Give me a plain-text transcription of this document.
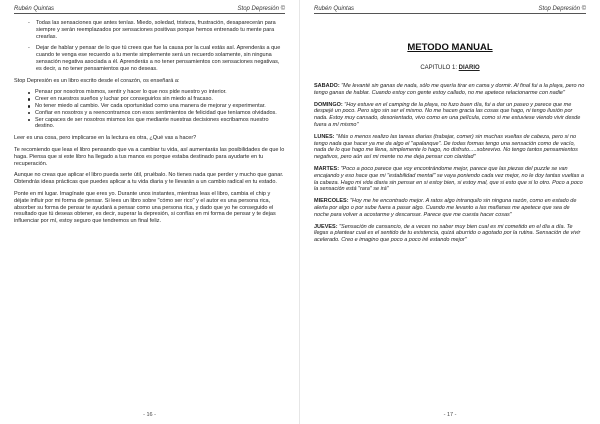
Rubén Quintas	Stop Depresión ©
- Todas las sensaciones que antes tenías. Miedo, soledad, tristeza, frustración, desaparecerán para siempre y serán reemplazados por sensaciones positivas porque hemos entrenado tu mente para crearlas.
- Dejar de hablar y pensar de lo que tú crees que fue la causa por la cual estás así. Aprenderás a que cuando te venga ese recuerdo a tu mente simplemente será un recuerdo solamente, sin ninguna sensación negativa asociada a él. Aprenderás a no tener pensamientos con sensaciones negativas, es decir, a no tener pensamientos que no deseas.

Stop Depresión es un libro escrito desde el corazón, os enseñará a:

Pensar por nosotros mismos, sentir y hacer lo que nos pide nuestro yo interior.
Creer en nuestros sueños y luchar por conseguirlos sin miedo al fracaso.
No tener miedo al cambio. Ver cada oportunidad como una manera de mejorar y experimentar.
Confiar en nosotros y a reencontrarnos con esos sentimientos de felicidad que teníamos olvidados.
Ser capaces de ser nosotros mismos los que mediante nuestras decisiones escribamos nuestro destino.

Leer es una cosa, pero implicarse en la lectura es otra, ¿Qué vas a hacer?

Te recomiendo que leas el libro pensando que va a cambiar tu vida, así aumentarás las posibilidades de que lo haga. Piensa que si este libro ha llegado a tus manos es porque estaba destinado para ayudarte en tu recuperación.

Aunque no creas que aplicar el libro pueda serte útil, pruébalo. No tienes nada que perder y mucho que ganar. Obtendrás ideas prácticas que puedes aplicar a tu vida diaria y te llevarán a un cambio radical en tu estado.

Ponte en mi lugar. Imagínate que eres yo. Durante unos instantes, mientras leas el libro, cambia el chip y déjate influir por mi forma de pensar. Si lees un libro sobre "cómo ser rico" y el autor es una persona rica, absorber su forma de pensar te ayudará a pensar como una persona rica, y dado que yo he conseguido el resultado que tú deseas obtener, es decir, superar la depresión, si confías en mi forma de pensar y te dejas influenciar por mí, estoy seguro que tendremos un final feliz.

- 16 -
Rubén Quintas	Stop Depresión ©
METODO MANUAL
CAPITULO 1: DIARIO

SABADO: "Me levanté sin ganas de nada, sólo me quería tirar en cama y dormir. Al final fui a la playa, pero no tengo ganas de hablar. Cuando estoy con gente estoy callado, no me apetece relacionarme con nadie"

DOMINGO: "Hoy estuve en el camping de la playa, no fuzo buen día, fui a dar un paseo y parece que me despejé un poco. Pero sigo sin ser el mismo. No me hacen gracia las cosas que hago, ni tengo ilusión por nada. Estoy muy cansado, desorientado, vivo como en una película, como si me estuviese viendo vivir desde fuera a mí mismo"

LUNES: "Más o menos realizo las tareas diarias (trabajar, comer) sin muchas vueltas de cabeza, pero si no tengo nada que hacer ya me da algo el "apalanque". De todas formas tengo una sensación como de vacío, nada de lo que hago me llena, simplemente lo hago, no disfruto.....sobrevivo. No tengo tantos pensamientos negativos, pero aún así mi mente no me deja pensar con claridad"

MARTES: "Poco a poco parece que voy encontrándome mejor, parece que las piezas del puzzle se van encajando y eso hace que mi "estabilidad mental" se vaya poniendo cada vez mejor, no le doy tantas vueltas a la cabeza. Hago mi vida diaria sin pensar en si estoy bien, si estoy mal, que si esto que si lo otro. Poco a poco la sensación está "rara" se irá"

MIERCOLES: "Hoy me he encontrado mejor. A ratos algo intranquilo sin ninguna razón, como en estado de alerta por algo o por sube fuera a pasar algo. Cuando me levanto a las mañanas me apetece que sea de noche para volver a acostarme y descansar. Parece que me cuesta hacer cosas"

JUEVES: "Sensación de cansancio, de a veces no saber muy bien cual es mi cometido en el día a día. Te llegas a plantear cual es el sentido de tu existencia, quizá aburrido o agotado por la rutina. Sensación de vivir acelerado. Creo e imagino que poco a poco iré estando mejor"

- 17 -
